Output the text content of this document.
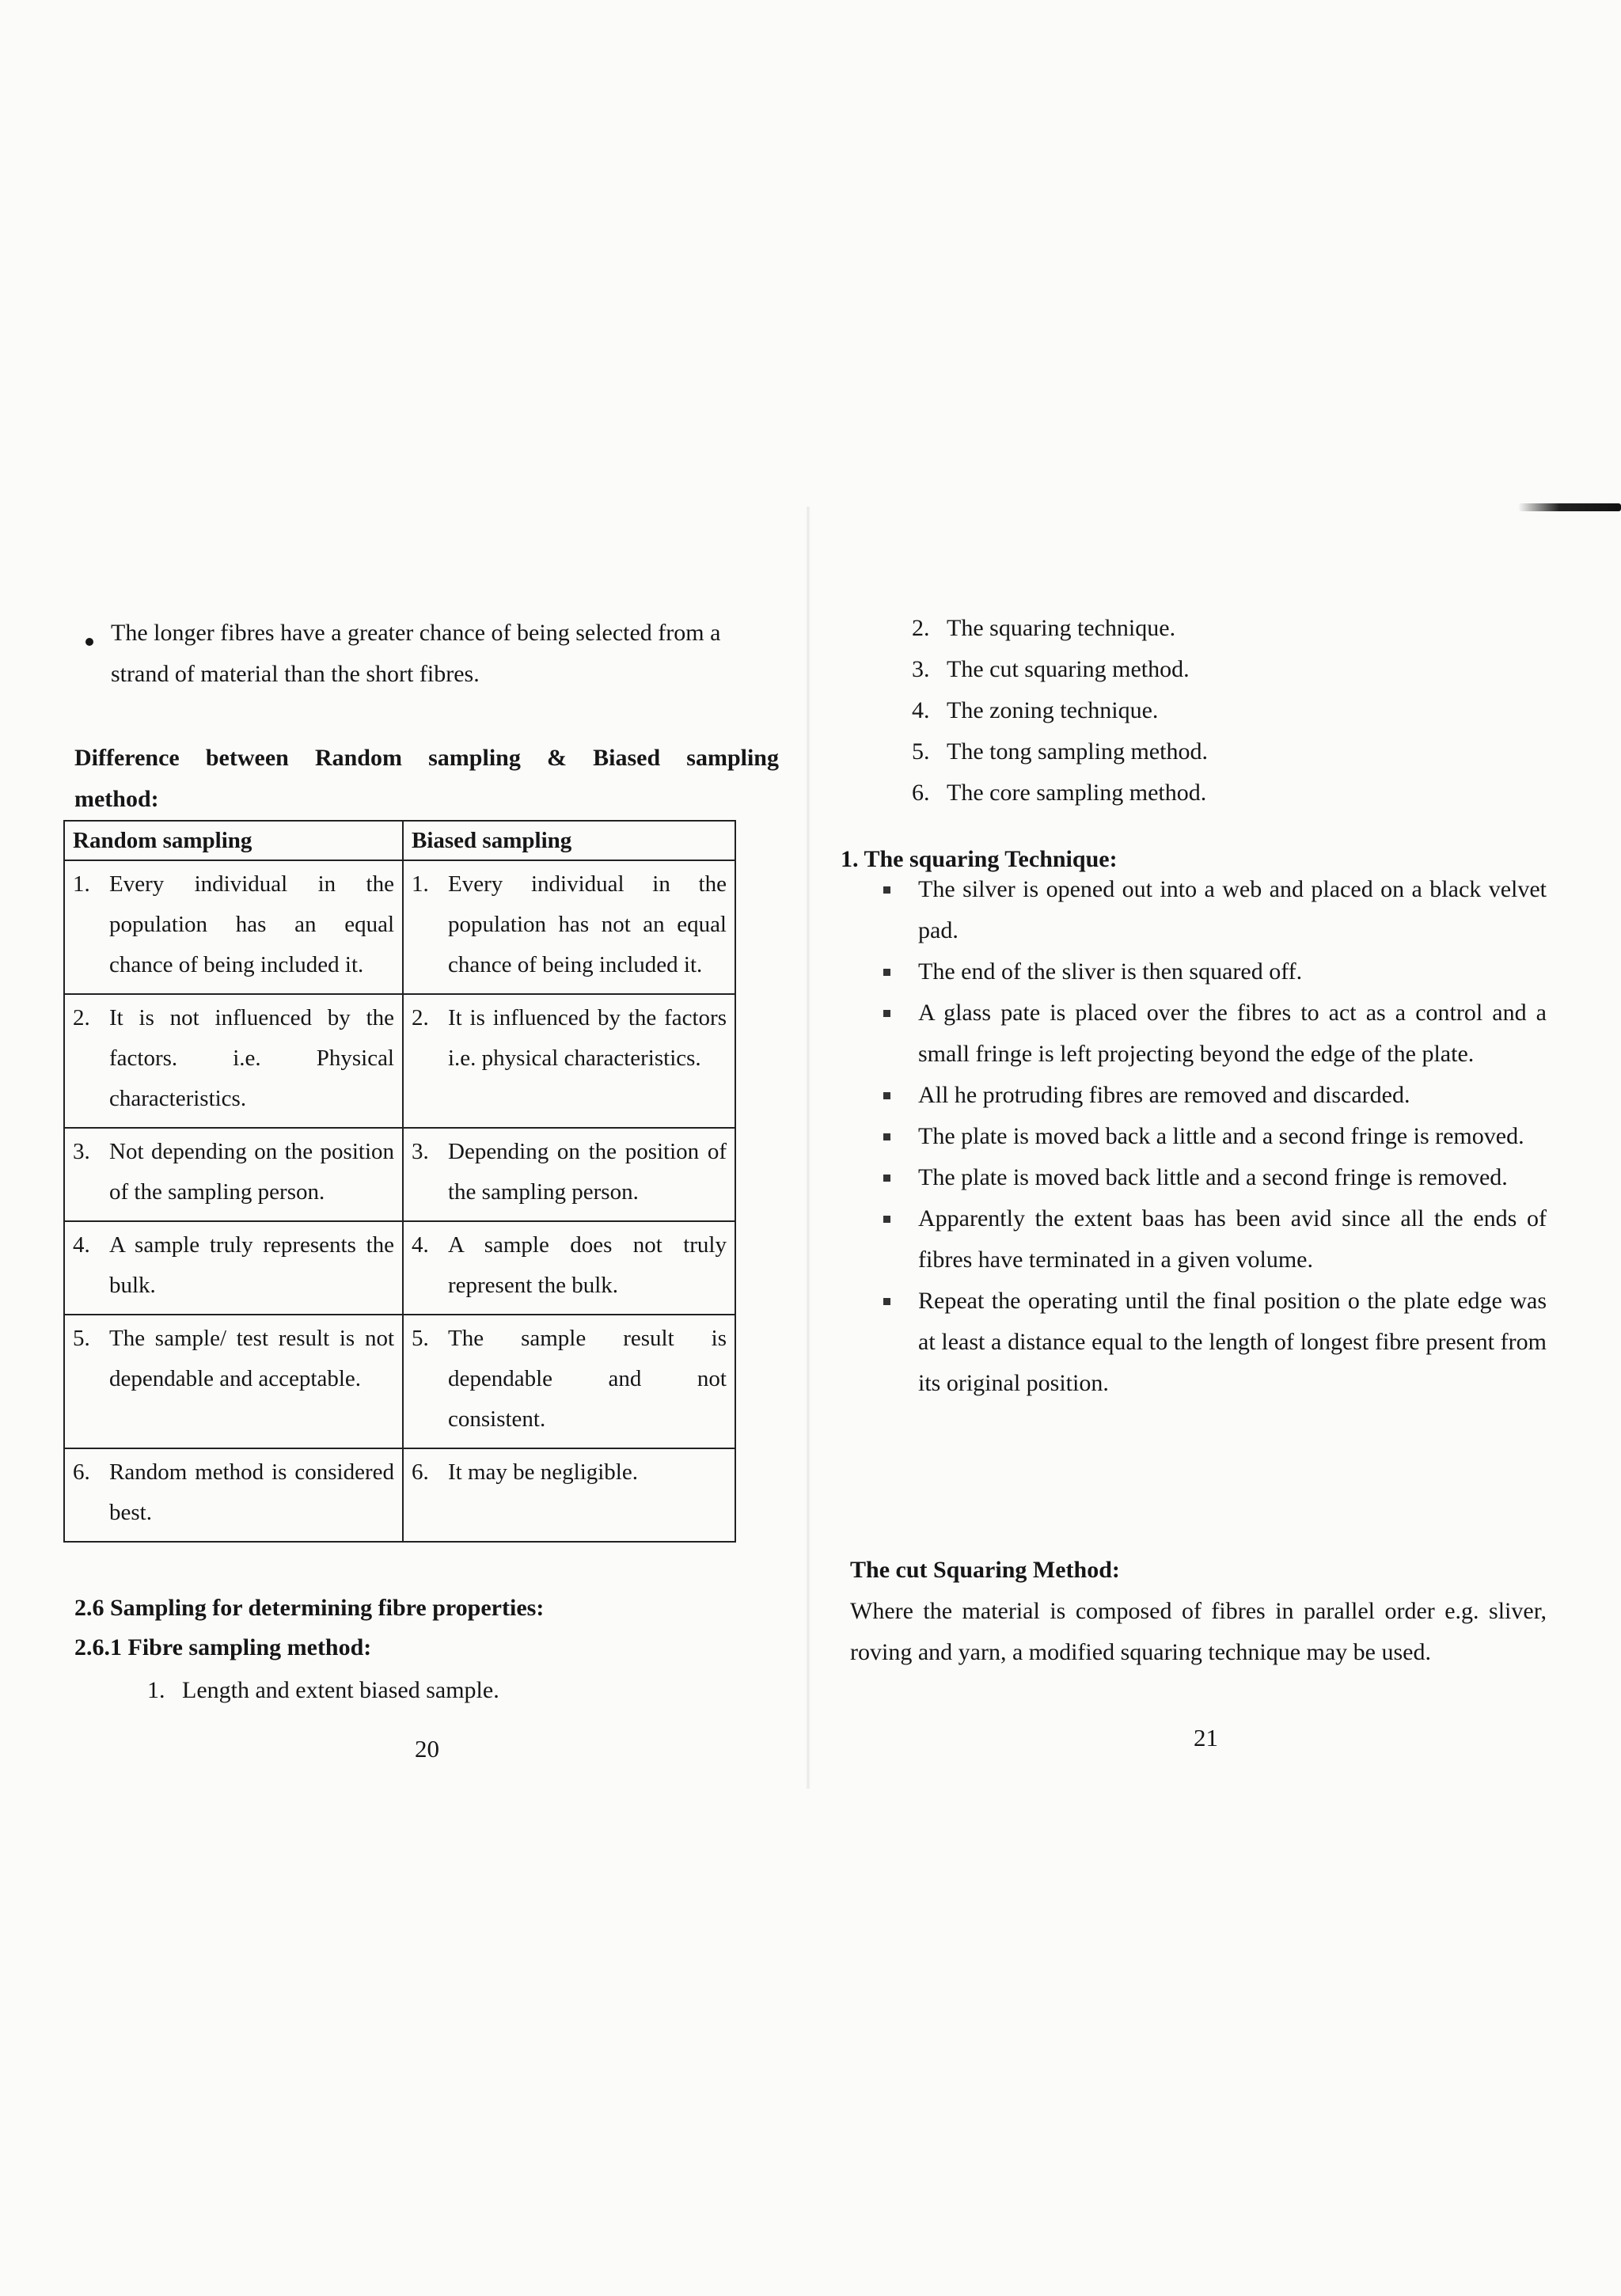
The longer fibres have a greater chance of being selected from a strand of material than the short fibres.
Difference between Random sampling & Biased sampling method:
Random sampling	Biased sampling

1. Every individual in the population has an equal chance of being included it.	1. Every individual in the population has not an equal chance of being included it.

2. It is not influenced by the factors. i.e. Physical characteristics.	2. It is influenced by the factors i.e. physical characteristics.

3. Not depending on the position of the sampling person.	3. Depending on the position of the sampling person.

4. A sample truly represents the bulk.	4. A sample does not truly represent the bulk.

5. The sample/ test result is not dependable and acceptable.	5. The sample result is dependable and not consistent.

6. Random method is considered best.	6. It may be negligible.
2.6 Sampling for determining fibre properties:
2.6.1 Fibre sampling method:
1. Length and extent biased sample.
20
2. The squaring technique.
3. The cut squaring method.
4. The zoning technique.
5. The tong sampling method.
6. The core sampling method.
1. The squaring Technique:
The silver is opened out into a web and placed on a black velvet pad.
The end of the sliver is then squared off.
A glass pate is placed over the fibres to act as a control and a small fringe is left projecting beyond the edge of the plate.
All he protruding fibres are removed and discarded.
The plate is moved back a little and a second fringe is removed.
The plate is moved back little and a second fringe is removed.
Apparently the extent baas has been avid since all the ends of fibres have terminated in a given volume.
Repeat the operating until the final position o the plate edge was at least a distance equal to the length of longest fibre present from its original position.
The cut Squaring Method:
Where the material is composed of fibres in parallel order e.g. sliver, roving and yarn, a modified squaring technique may be used.
21
